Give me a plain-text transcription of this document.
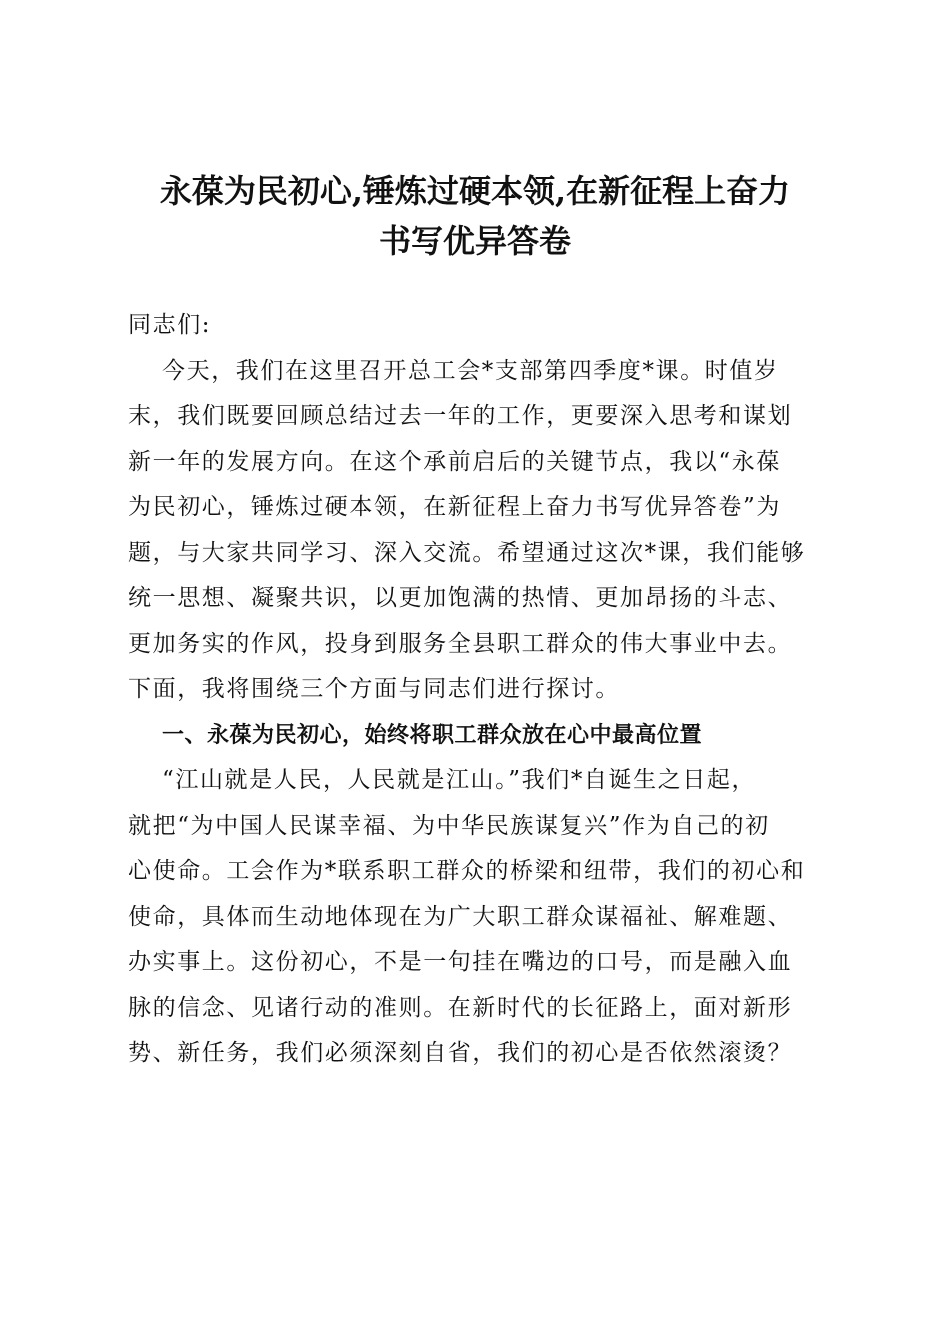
永葆为民初心,锤炼过硬本领,在新征程上奋力
书写优异答卷
同志们:
今天，我们在这里召开总工会*支部第四季度*课。时值岁
末，我们既要回顾总结过去一年的工作，更要深入思考和谋划
新一年的发展方向。在这个承前启后的关键节点，我以“永葆
为民初心，锤炼过硬本领，在新征程上奋力书写优异答卷”为
题，与大家共同学习、深入交流。希望通过这次*课，我们能够
统一思想、凝聚共识，以更加饱满的热情、更加昂扬的斗志、
更加务实的作风，投身到服务全县职工群众的伟大事业中去。
下面，我将围绕三个方面与同志们进行探讨。
一、永葆为民初心，始终将职工群众放在心中最高位置
“江山就是人民，人民就是江山。”我们*自诞生之日起，
就把“为中国人民谋幸福、为中华民族谋复兴”作为自己的初
心使命。工会作为*联系职工群众的桥梁和纽带，我们的初心和
使命，具体而生动地体现在为广大职工群众谋福祉、解难题、
办实事上。这份初心，不是一句挂在嘴边的口号，而是融入血
脉的信念、见诸行动的准则。在新时代的长征路上，面对新形
势、新任务，我们必须深刻自省，我们的初心是否依然滚烫？
